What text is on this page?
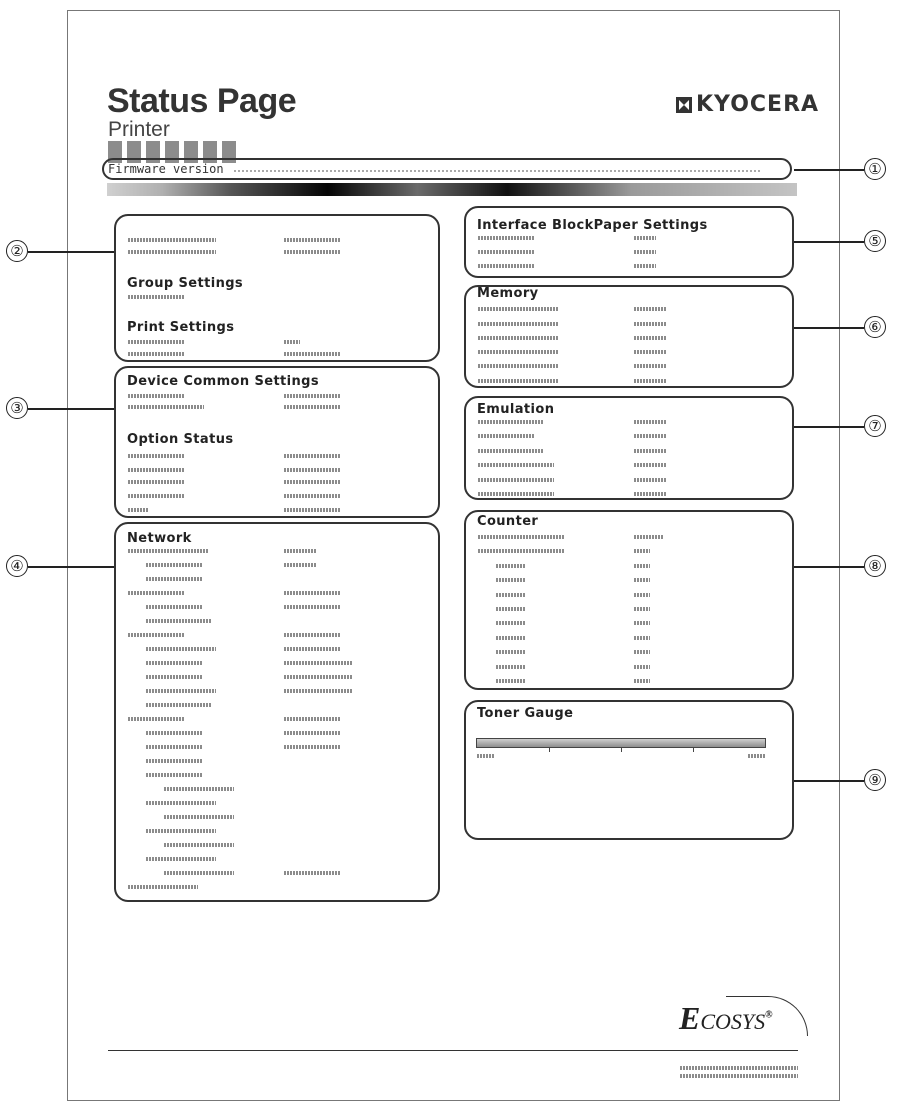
Status Page
Printer
KYOCERA
Firmware version
Group Settings
Print Settings
Device Common Settings
Option Status
Network
Interface BlockPaper Settings
Memory
Emulation
Counter
Toner Gauge
①
②
③
④
⑤
⑥
⑦
⑧
⑨
ECOSYS®
